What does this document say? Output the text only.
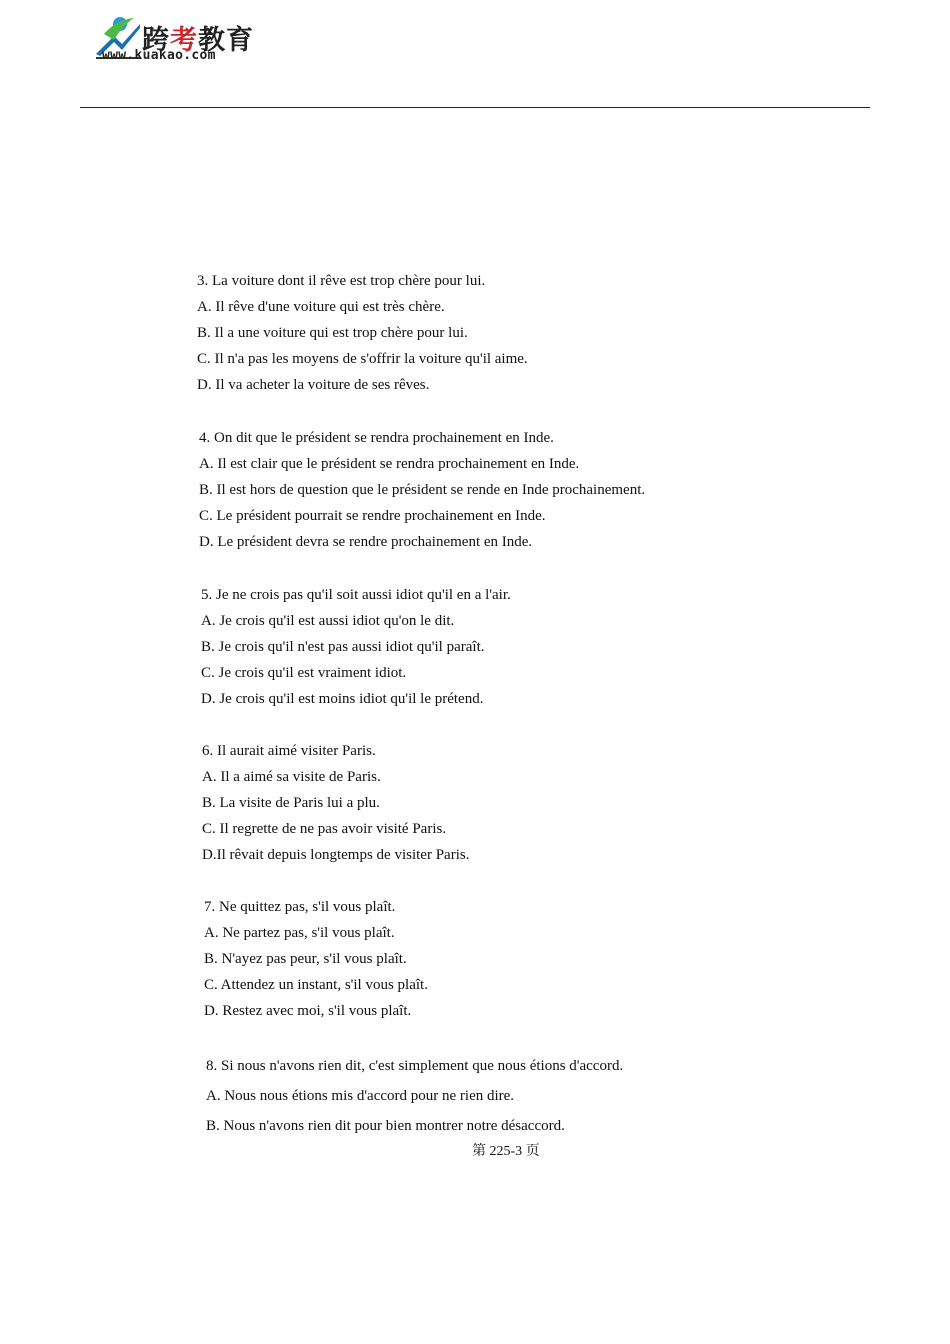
跨考教育
www.kuakao.com
3. La voiture dont il rêve est trop chère pour lui.
A. Il rêve d'une voiture qui est très chère.
B. Il a une voiture qui est trop chère pour lui.
C. Il n'a pas les moyens de s'offrir la voiture qu'il aime.
D. Il va acheter la voiture de ses rêves.
4. On dit que le président se rendra prochainement en Inde.
A. Il est clair que le président se rendra prochainement en Inde.
B. Il est hors de question que le président se rende en Inde prochainement.
C. Le président pourrait se rendre prochainement en Inde.
D. Le président devra se rendre prochainement en Inde.
5. Je ne crois pas qu'il soit aussi idiot qu'il en a l'air.
A. Je crois qu'il est aussi idiot qu'on le dit.
B. Je crois qu'il n'est pas aussi idiot qu'il paraît.
C. Je crois qu'il est vraiment idiot.
D. Je crois qu'il est moins idiot qu'il le prétend.
6. Il aurait aimé visiter Paris.
A. Il a aimé sa visite de Paris.
B. La visite de Paris lui a plu.
C. Il regrette de ne pas avoir visité Paris.
D.Il rêvait depuis longtemps de visiter Paris.
7. Ne quittez pas, s'il vous plaît.
A. Ne partez pas, s'il vous plaît.
B. N'ayez pas peur, s'il vous plaît.
C. Attendez un instant, s'il vous plaît.
D. Restez avec moi, s'il vous plaît.
8. Si nous n'avons rien dit, c'est simplement que nous étions d'accord.
A. Nous nous étions mis d'accord pour ne rien dire.
B. Nous n'avons rien dit pour bien montrer notre désaccord.
第 225-3 页
